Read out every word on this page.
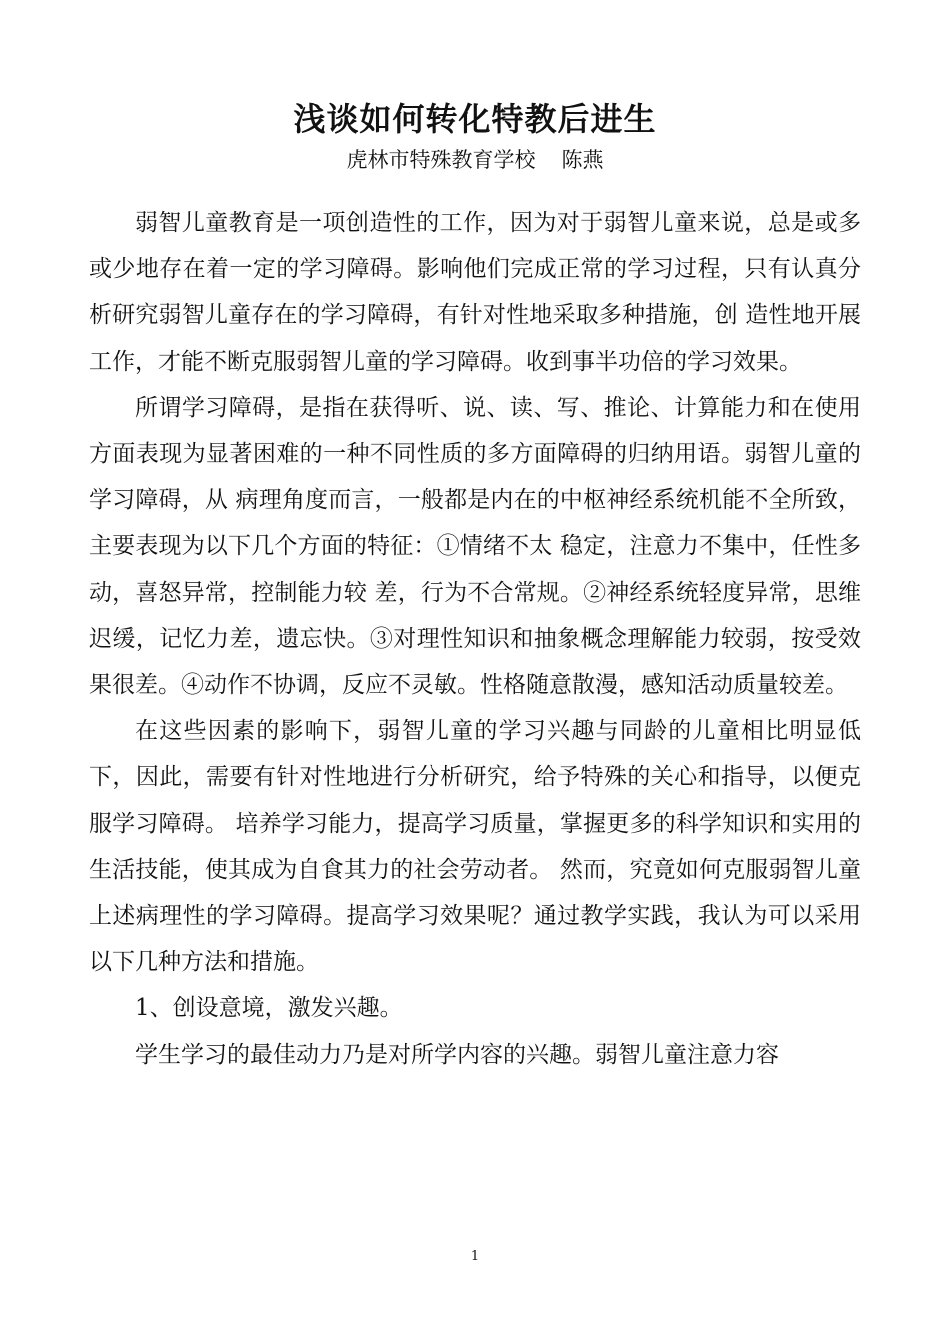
浅谈如何转化特教后进生
虎林市特殊教育学校 陈燕

弱智儿童教育是一项创造性的工作，因为对于弱智儿童来说，总是或多或少地存在着一定的学习障碍。影响他们完成正常的学习过程，只有认真分析研究弱智儿童存在的学习障碍，有针对性地采取多种措施，创 造性地开展工作，才能不断克服弱智儿童的学习障碍。收到事半功倍的学习效果。

所谓学习障碍，是指在获得听、说、读、写、推论、计算能力和在使用方面表现为显著困难的一种不同性质的多方面障碍的归纳用语。弱智儿童的学习障碍，从 病理角度而言，一般都是内在的中枢神经系统机能不全所致，主要表现为以下几个方面的特征：①情绪不太 稳定，注意力不集中，任性多动，喜怒异常，控制能力较 差，行为不合常规。②神经系统轻度异常，思维迟缓，记忆力差，遗忘快。③对理性知识和抽象概念理解能力较弱，按受效果很差。④动作不协调，反应不灵敏。性格随意散漫，感知活动质量较差。

在这些因素的影响下，弱智儿童的学习兴趣与同龄的儿童相比明显低下，因此，需要有针对性地进行分析研究，给予特殊的关心和指导，以便克服学习障碍。 培养学习能力，提高学习质量，掌握更多的科学知识和实用的生活技能，使其成为自食其力的社会劳动者。 然而，究竟如何克服弱智儿童上述病理性的学习障碍。提高学习效果呢？通过教学实践，我认为可以采用以下几种方法和措施。

1、创设意境，激发兴趣。

学生学习的最佳动力乃是对所学内容的兴趣。弱智儿童注意力容

1
